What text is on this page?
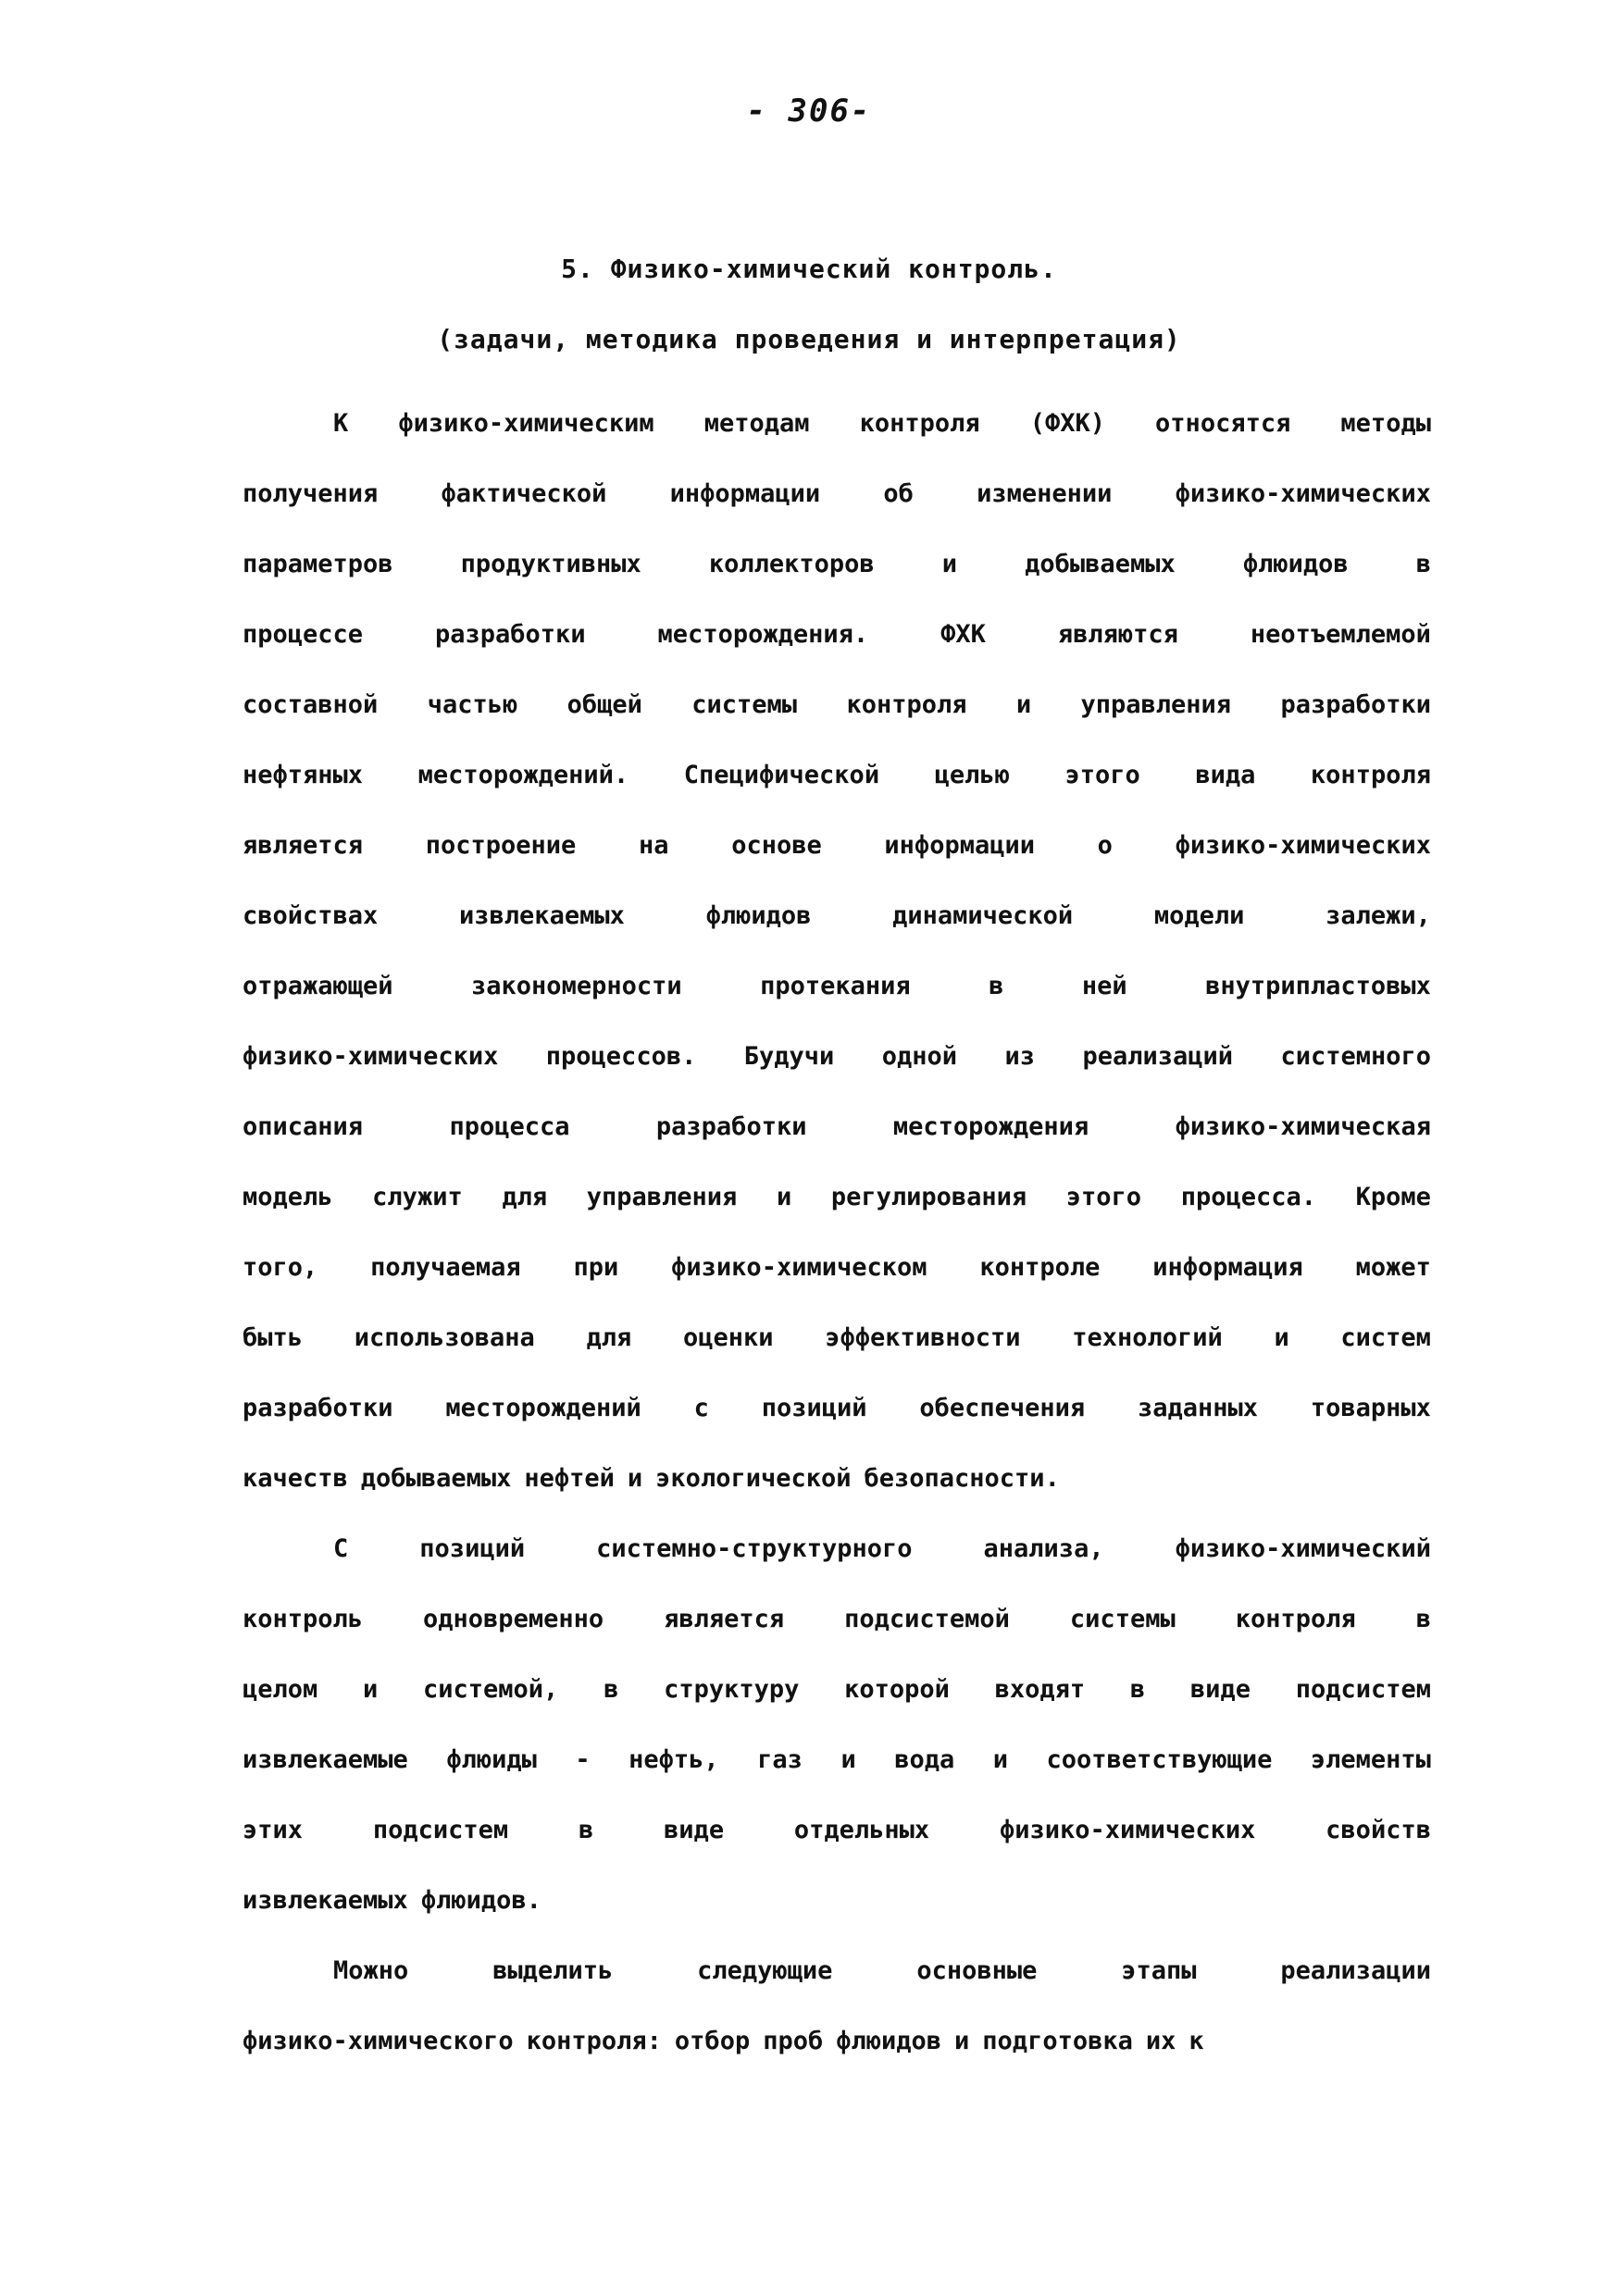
- 306-
5. Физико-химический контроль.
(задачи, методика проведения и интерпретация)
К физико-химическим методам контроля (ФХК) относятся методы
получения	фактической	информации	об	изменении	физико-химических
параметров	продуктивных	коллекторов	и	добываемых	флюидов	в
процессе	разработки	месторождения.	ФХК	являются	неотъемлемой
составной частью общей системы контроля и управления разработки
нефтяных месторождений. Специфической целью этого вида контроля
является	построение	на	основе	информации	о	физико-химических
свойствах	извлекаемых	флюидов	динамической	модели	залежи,
отражающей	закономерности	протекания	в	ней	внутрипластовых
физико-химических процессов. Будучи одной из реализаций системного
описания	процесса	разработки	месторождения	физико-химическая
модель служит для управления и регулирования этого процесса. Кроме
того, получаемая при физико-химическом контроле информация может
быть использована для оценки эффективности технологий и систем
разработки месторождений с позиций обеспечения заданных товарных
качеств добываемых нефтей и экологической безопасности.
С	позиций	системно-структурного	анализа,	физико-химический
контроль одновременно является подсистемой системы контроля в
целом и системой, в структуру которой входят в виде подсистем
извлекаемые флюиды - нефть, газ и вода и соответствующие элементы
этих	подсистем	в	виде	отдельных	физико-химических	свойств
извлекаемых флюидов.
Можно	выделить	следующие	основные	этапы	реализации
физико-химического контроля: отбор проб флюидов и подготовка их к
